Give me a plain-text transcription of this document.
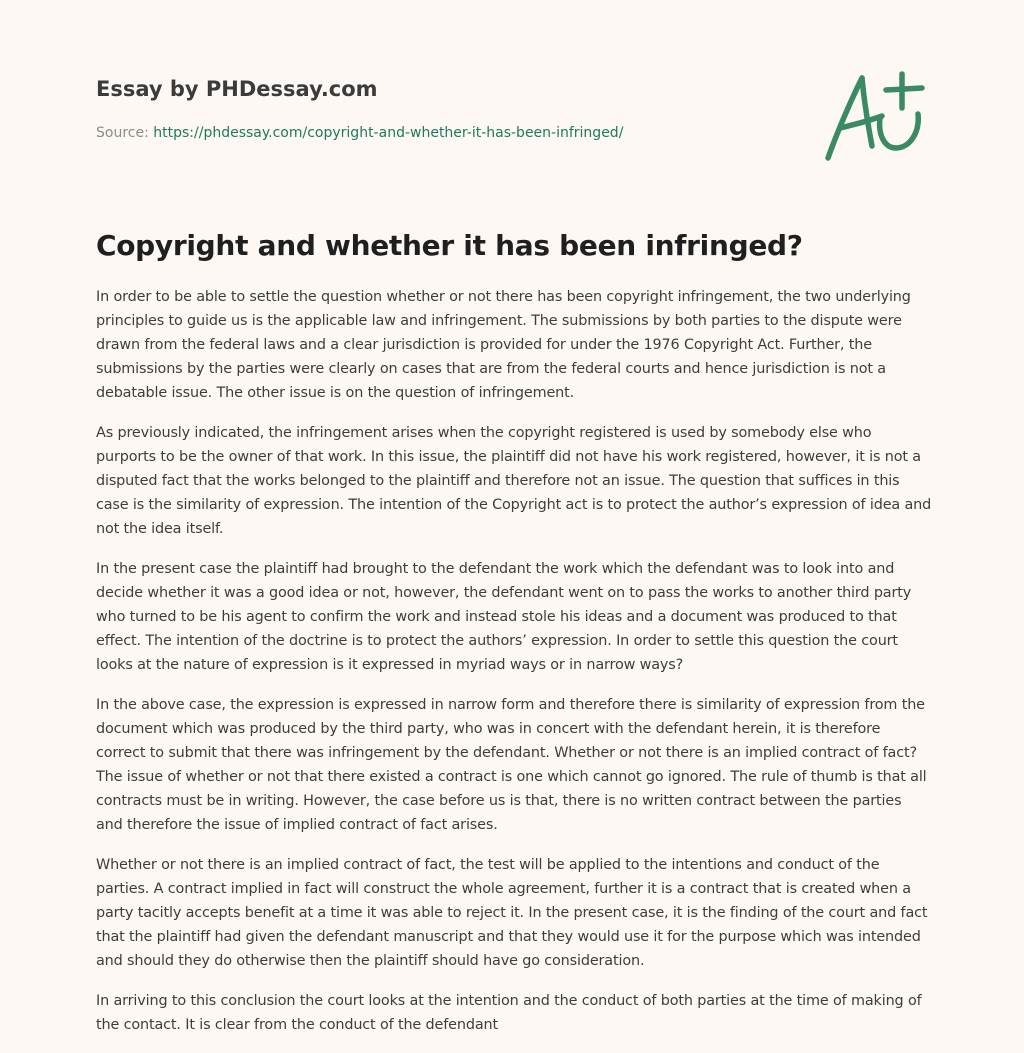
Essay by PHDessay.com
Source: https://phdessay.com/copyright-and-whether-it-has-been-infringed/
Copyright and whether it has been infringed?

In order to be able to settle the question whether or not there has been copyright infringement, the two underlying principles to guide us is the applicable law and infringement. The submissions by both parties to the dispute were drawn from the federal laws and a clear jurisdiction is provided for under the 1976 Copyright Act. Further, the submissions by the parties were clearly on cases that are from the federal courts and hence jurisdiction is not a debatable issue. The other issue is on the question of infringement.

As previously indicated, the infringement arises when the copyright registered is used by somebody else who purports to be the owner of that work. In this issue, the plaintiff did not have his work registered, however, it is not a disputed fact that the works belonged to the plaintiff and therefore not an issue. The question that suffices in this case is the similarity of expression. The intention of the Copyright act is to protect the author’s expression of idea and not the idea itself.

In the present case the plaintiff had brought to the defendant the work which the defendant was to look into and decide whether it was a good idea or not, however, the defendant went on to pass the works to another third party who turned to be his agent to confirm the work and instead stole his ideas and a document was produced to that effect. The intention of the doctrine is to protect the authors’ expression. In order to settle this question the court looks at the nature of expression is it expressed in myriad ways or in narrow ways?

In the above case, the expression is expressed in narrow form and therefore there is similarity of expression from the document which was produced by the third party, who was in concert with the defendant herein, it is therefore correct to submit that there was infringement by the defendant. Whether or not there is an implied contract of fact? The issue of whether or not that there existed a contract is one which cannot go ignored. The rule of thumb is that all contracts must be in writing. However, the case before us is that, there is no written contract between the parties and therefore the issue of implied contract of fact arises.

Whether or not there is an implied contract of fact, the test will be applied to the intentions and conduct of the parties. A contract implied in fact will construct the whole agreement, further it is a contract that is created when a party tacitly accepts benefit at a time it was able to reject it. In the present case, it is the finding of the court and fact that the plaintiff had given the defendant manuscript and that they would use it for the purpose which was intended and should they do otherwise then the plaintiff should have go consideration.

In arriving to this conclusion the court looks at the intention and the conduct of both parties at the time of making of the contact. It is clear from the conduct of the defendant
